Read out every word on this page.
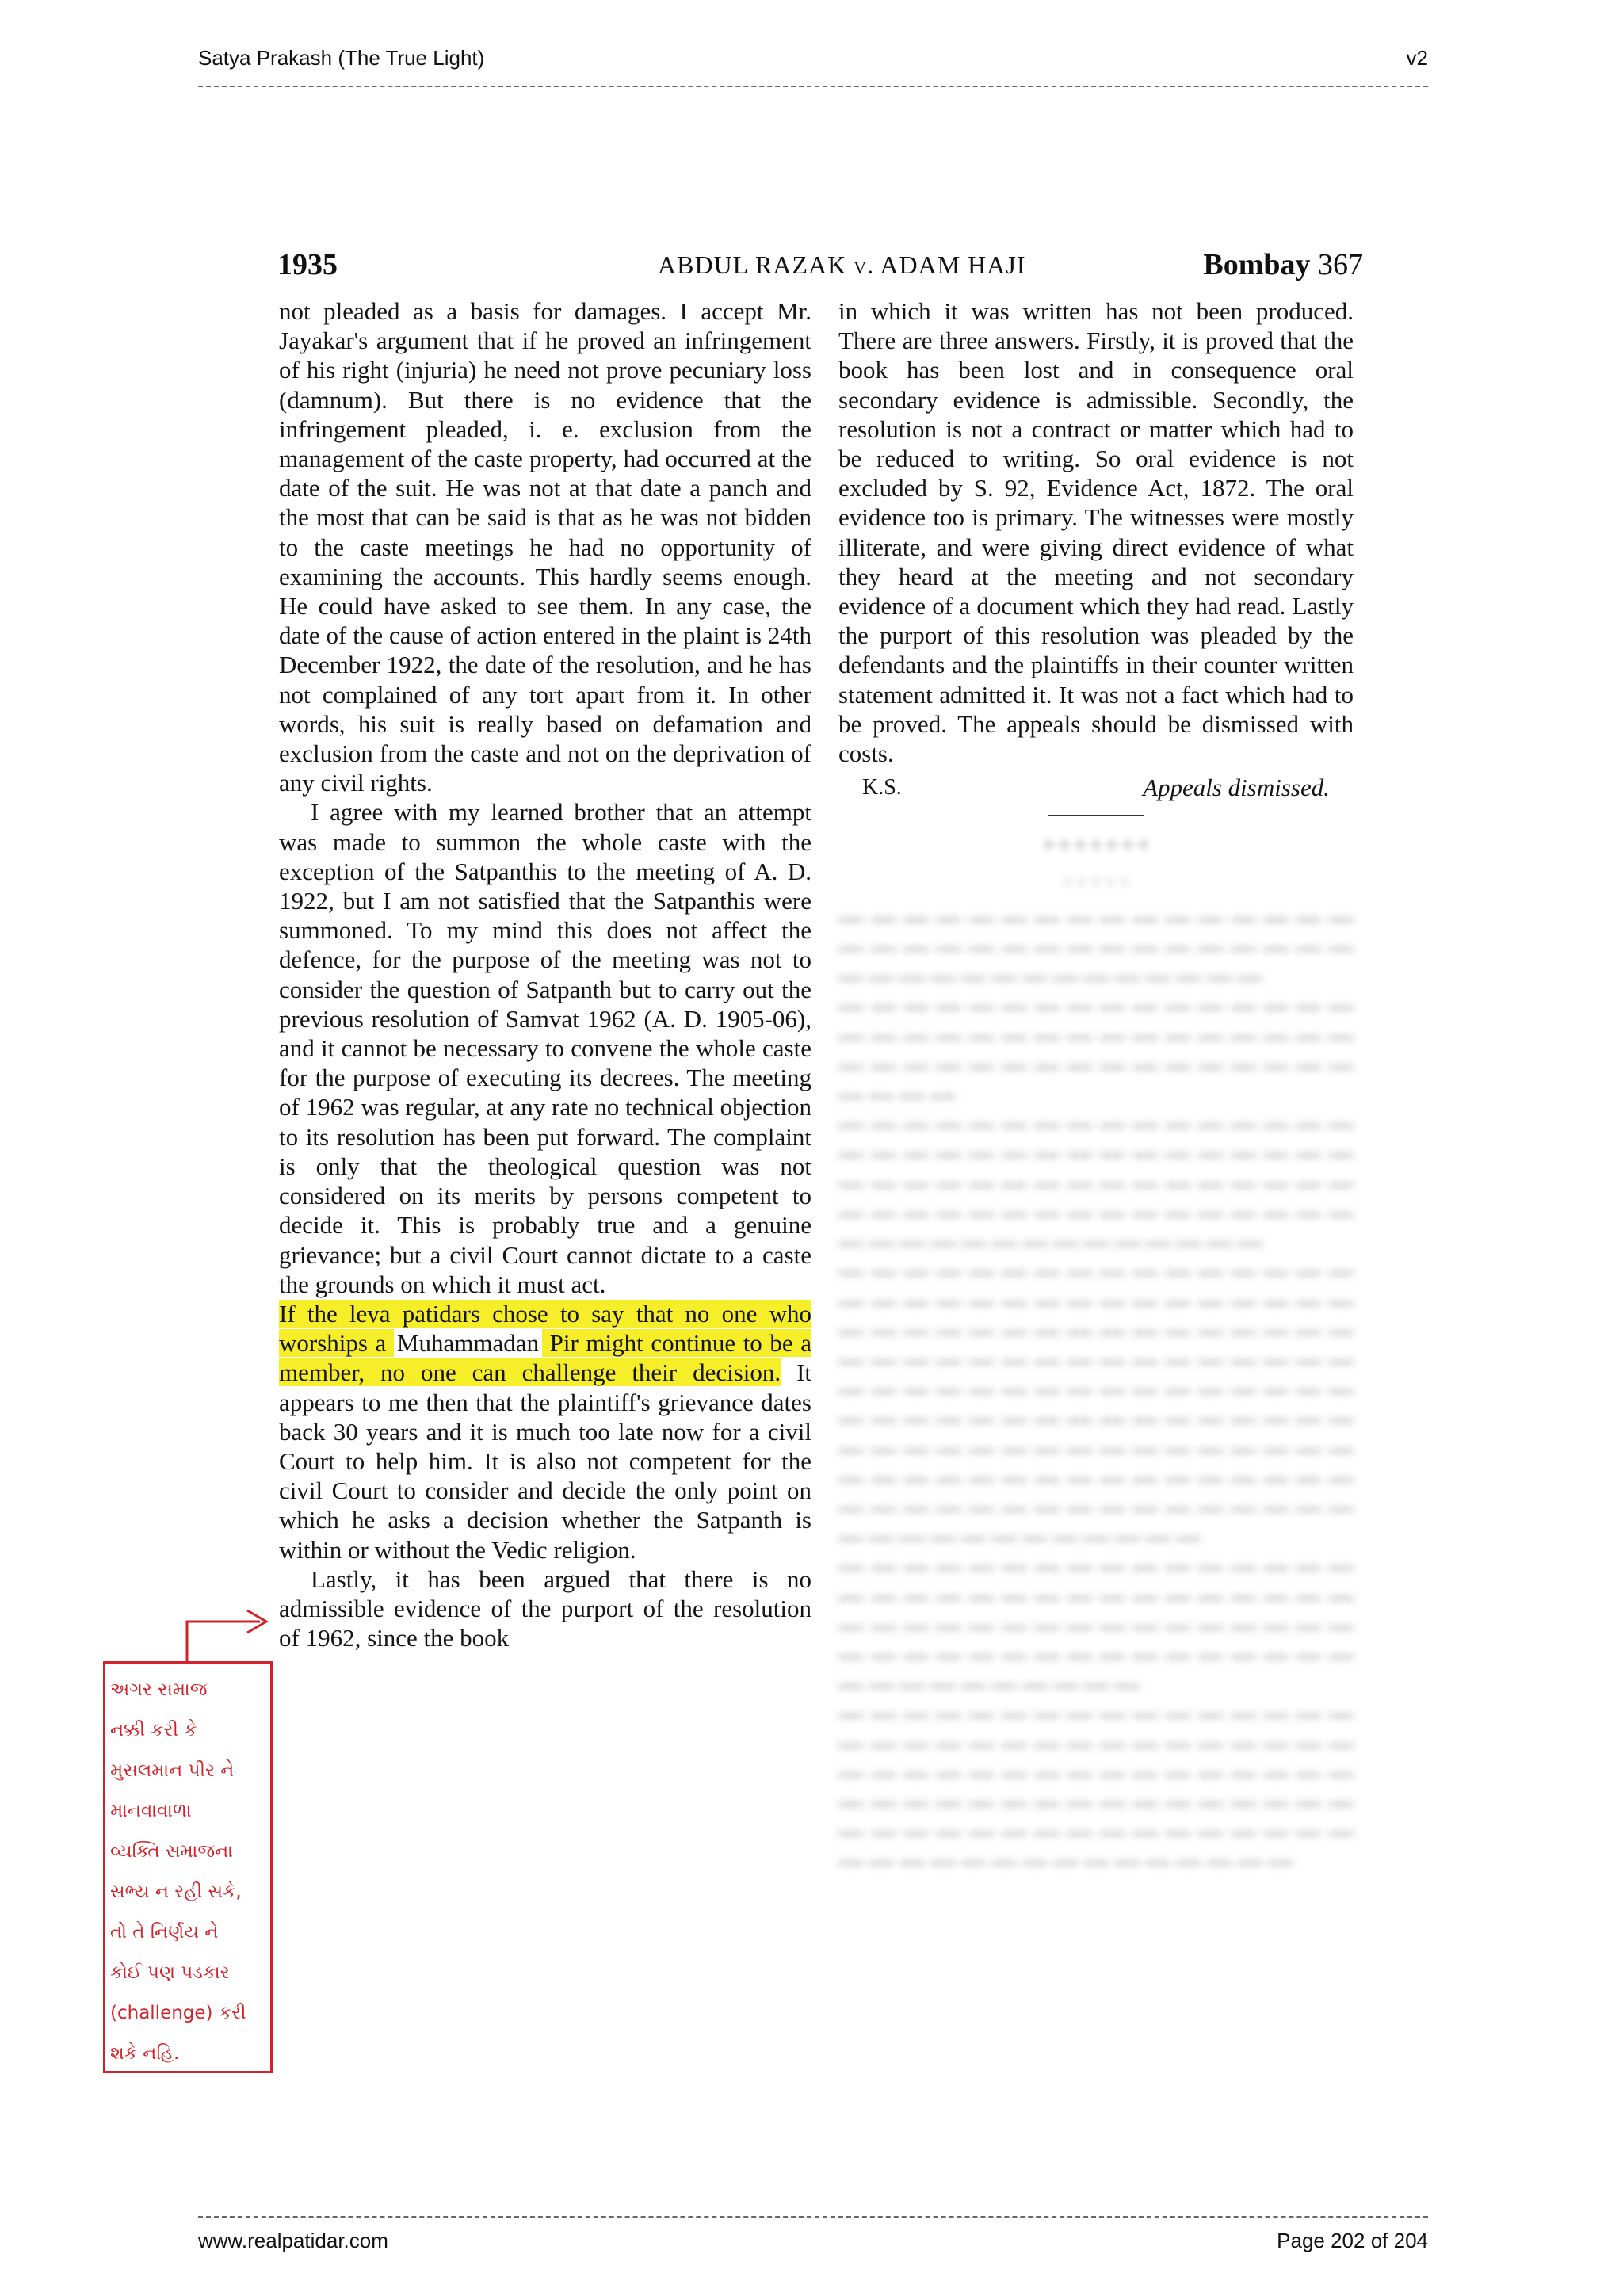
Satya Prakash (The True Light)	v2
1935	ABDUL RAZAK v. ADAM HAJI	Bombay 367

not pleaded as a basis for damages. I accept Mr. Jayakar's argument that if he proved an infringement of his right (injuria) he need not prove pecuniary loss (damnum). But there is no evidence that the infringement pleaded, i. e. exclusion from the management of the caste property, had occurred at the date of the suit. He was not at that date a panch and the most that can be said is that as he was not bidden to the caste meetings he had no opportunity of examining the accounts. This hardly seems enough. He could have asked to see them. In any case, the date of the cause of action entered in the plaint is 24th December 1922, the date of the resolution, and he has not complained of any tort apart from it. In other words, his suit is really based on defamation and exclusion from the caste and not on the deprivation of any civil rights.

I agree with my learned brother that an attempt was made to summon the whole caste with the exception of the Satpanthis to the meeting of A. D. 1922, but I am not satisfied that the Satpanthis were summoned. To my mind this does not affect the defence, for the purpose of the meeting was not to consider the question of Satpanth but to carry out the previous resolution of Samvat 1962 (A. D. 1905-06), and it cannot be necessary to convene the whole caste for the purpose of executing its decrees. The meeting of 1962 was regular, at any rate no technical objection to its resolution has been put forward. The complaint is only that the theological question was not considered on its merits by persons competent to decide it. This is probably true and a genuine grievance; but a civil Court cannot dictate to a caste the grounds on which it must act.

If the leva patidars chose to say that no one who worships a Muhammadan Pir might continue to be a member, no one can challenge their decision. It appears to me then that the plaintiff's grievance dates back 30 years and it is much too late now for a civil Court to help him. It is also not competent for the civil Court to consider and decide the only point on which he asks a decision whether the Satpanth is within or without the Vedic religion.

Lastly, it has been argued that there is no admissible evidence of the purport of the resolution of 1962, since the book

in which it was written has not been produced. There are three answers. Firstly, it is proved that the book has been lost and in consequence oral secondary evidence is admissible. Secondly, the resolution is not a contract or matter which had to be reduced to writing. So oral evidence is not excluded by S. 92, Evidence Act, 1872. The oral evidence too is primary. The witnesses were mostly illiterate, and were giving direct evidence of what they heard at the meeting and not secondary evidence of a document which they had read. Lastly the purport of this resolution was pleaded by the defendants and the plaintiffs in their counter written statement admitted it. It was not a fact which had to be proved. The appeals should be dismissed with costs.

K.S.	Appeals dismissed.
· · · · · · ·
· · · · ·

— — — — — — — — — — — — — — — — — — — — — — — — — — — — — — — — — — — — — — — — — — — — — —

— — — — — — — — — — — — — — — — — — — — — — — — — — — — — — — — — — — — — — — — — — — — — — — — — — — —

— — — — — — — — — — — — — — — — — — — — — — — — — — — — — — — — — — — — — — — — — — — — — — — — — — — — — — — — — — — — — — — — — — — — — — — — — — — — — —

— — — — — — — — — — — — — — — — — — — — — — — — — — — — — — — — — — — — — — — — — — — — — — — — — — — — — — — — — — — — — — — — — — — — — — — — — — — — — — — — — — — — — — — — — — — — — — — — — — — — — — — — — — — — — — — — — — — — — — — — — — — — — — — — — — — — — — — — — — — — — — — — — — — — — — — — — — — —

— — — — — — — — — — — — — — — — — — — — — — — — — — — — — — — — — — — — — — — — — — — — — — — — — — — — — — — — — — — — — — — — — — — — — — — — — —

— — — — — — — — — — — — — — — — — — — — — — — — — — — — — — — — — — — — — — — — — — — — — — — — — — — — — — — — — — — — — — — — — — — — — — — — — — — — — — — — — — — — — — — — — — — — — — —

અગર સમાજ

નક્કી કરી કે

મુસલમાન પીર ને

માનવાવાળા

વ્યક્તિ સમાજના

સભ્ય ન રહી સકે,

તો તે નિર્ણય ને

કોઈ પણ પડકાર

(challenge) કરી

શકે નહિ.

www.realpatidar.com	Page 202 of 204
